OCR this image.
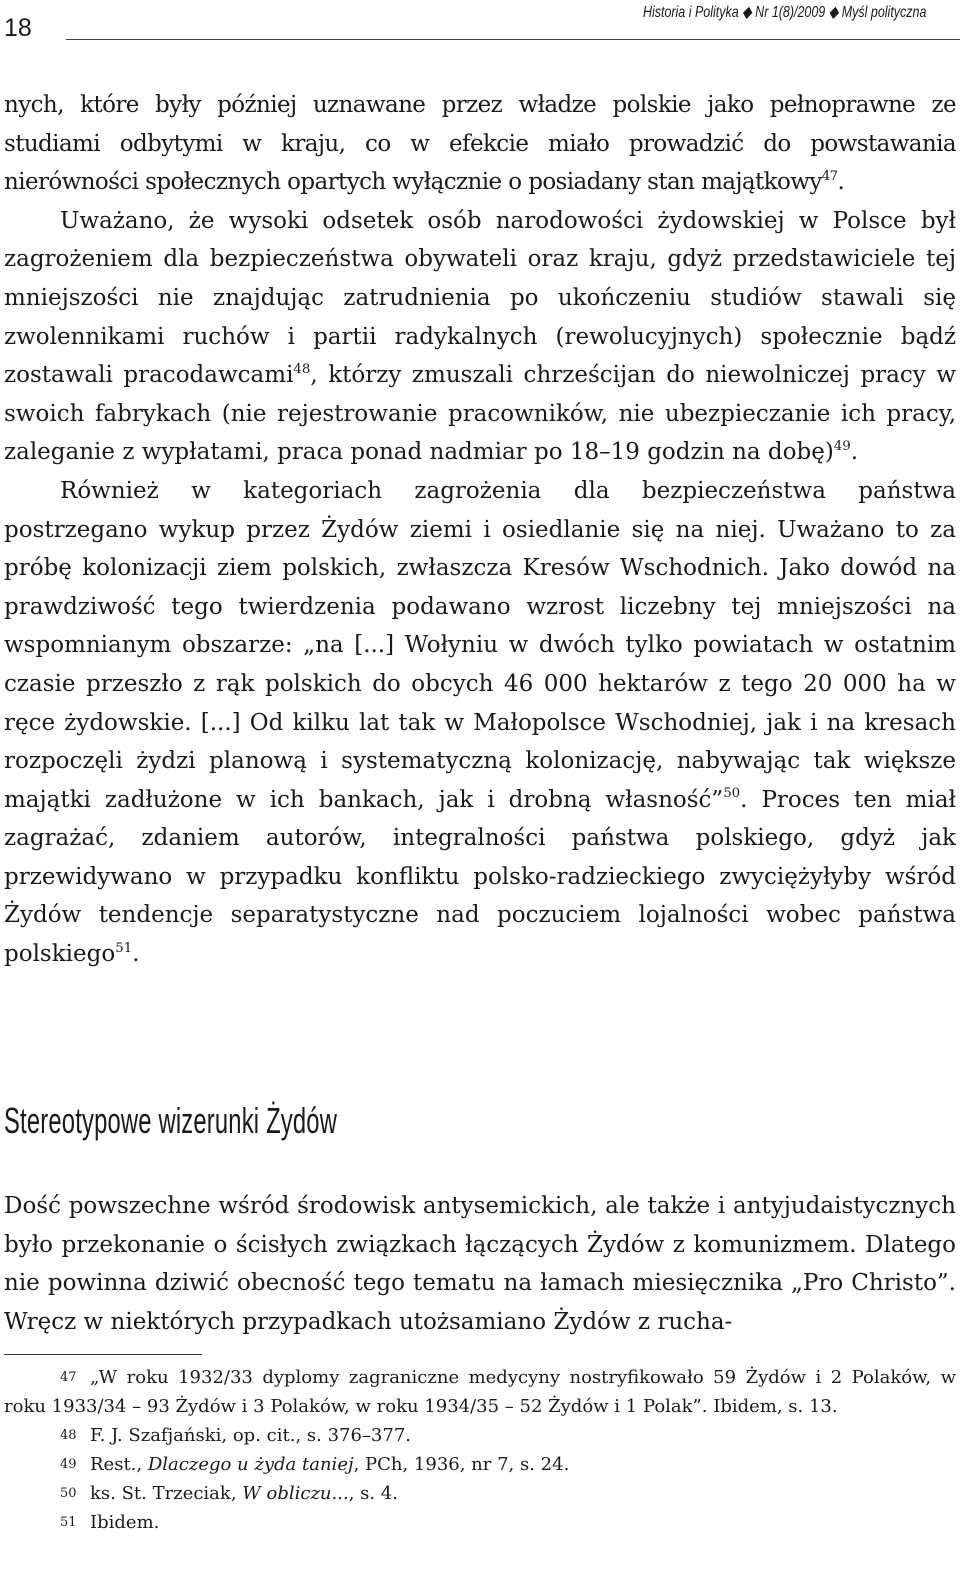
18
Historia i Polityka ◆ Nr 1(8)/2009 ◆ Myśl polityczna

nych, które były później uznawane przez władze polskie jako pełnoprawne ze studiami odbytymi w kraju, co w efekcie miało prowadzić do powstawania nierówności społecznych opartych wyłącznie o posiadany stan majątkowy$^{47}$.

Uważano, że wysoki odsetek osób narodowości żydowskiej w Polsce był zagrożeniem dla bezpieczeństwa obywateli oraz kraju, gdyż przedstawiciele tej mniejszości nie znajdując zatrudnienia po ukończeniu studiów stawali się zwolennikami ruchów i partii radykalnych (rewolucyjnych) społecznie bądź zostawali pracodawcami$^{48}$, którzy zmuszali chrześcijan do niewolniczej pracy w swoich fabrykach (nie rejestrowanie pracowników, nie ubezpieczanie ich pracy, zaleganie z wypłatami, praca ponad nadmiar po 18–19 godzin na dobę)$^{49}$.

Również w kategoriach zagrożenia dla bezpieczeństwa państwa postrzegano wykup przez Żydów ziemi i osiedlanie się na niej. Uważano to za próbę kolonizacji ziem polskich, zwłaszcza Kresów Wschodnich. Jako dowód na prawdziwość tego twierdzenia podawano wzrost liczebny tej mniejszości na wspomnianym obszarze: „na [...] Wołyniu w dwóch tylko powiatach w ostatnim czasie przeszło z rąk polskich do obcych 46 000 hektarów z tego 20 000 ha w ręce żydowskie. [...] Od kilku lat tak w Małopolsce Wschodniej, jak i na kresach rozpoczęli żydzi planową i systematyczną kolonizację, nabywając tak większe majątki zadłużone w ich bankach, jak i drobną własność”$^{50}$. Proces ten miał zagrażać, zdaniem autorów, integralności państwa polskiego, gdyż jak przewidywano w przypadku konfliktu polsko-radzieckiego zwyciężyłyby wśród Żydów tendencje separatystyczne nad poczuciem lojalności wobec państwa polskiego$^{51}$.

Stereotypowe wizerunki Żydów

Dość powszechne wśród środowisk antysemickich, ale także i antyjudaistycznych było przekonanie o ścisłych związkach łączących Żydów z komunizmem. Dlatego nie powinna dziwić obecność tego tematu na łamach miesięcznika „Pro Christo”. Wręcz w niektórych przypadkach utożsamiano Żydów z rucha-

47 „W roku 1932/33 dyplomy zagraniczne medycyny nostryfikowało 59 Żydów i 2 Polaków, w roku 1933/34 – 93 Żydów i 3 Polaków, w roku 1934/35 – 52 Żydów i 1 Polak”. Ibidem, s. 13.

48 F. J. Szafjański, op. cit., s. 376–377.

49 Rest., Dlaczego u żyda taniej, PCh, 1936, nr 7, s. 24.

50 ks. St. Trzeciak, W obliczu..., s. 4.

51 Ibidem.
